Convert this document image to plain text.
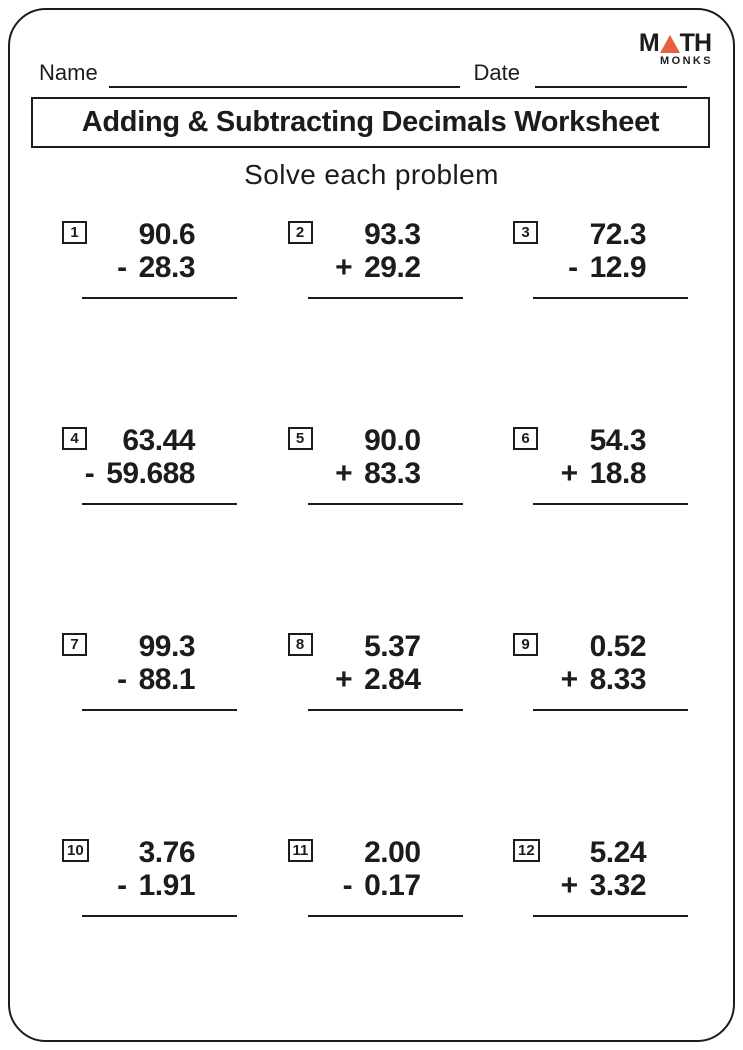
M TH
MONKS
Name	Date
Adding & Subtracting Decimals Worksheet
Solve each problem
1	90.6
- 28.3
2	93.3
+ 29.2
3	72.3
- 12.9
4	63.44
- 59.688
5	90.0
+ 83.3
6	54.3
+ 18.8
7	99.3
- 88.1
8	5.37
+ 2.84
9	0.52
+ 8.33
10	3.76
- 1.91
11	2.00
- 0.17
12	5.24
+ 3.32
